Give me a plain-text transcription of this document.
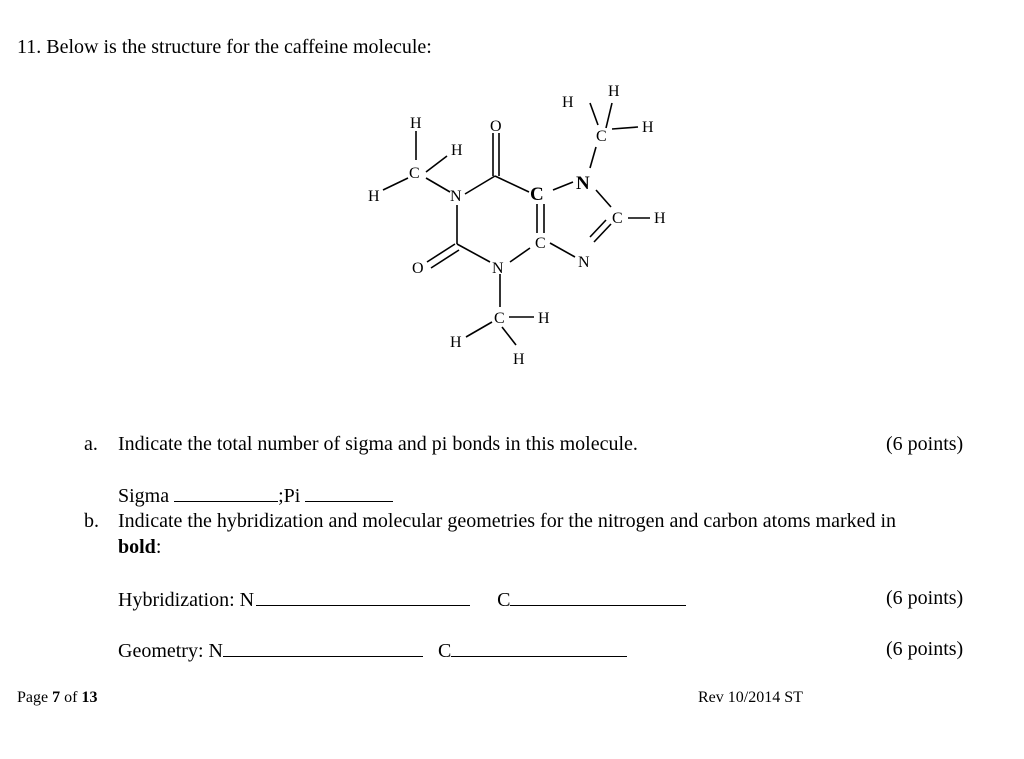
11. Below is the structure for the caffeine molecule:
H
C
H
H	N
O
C
N
C
H
H
H
C H
C
N
O	N
C H
H
H
a. Indicate the total number of sigma and pi bonds in this molecule.	(6 points)
Sigma	;Pi
b. Indicate the hybridization and molecular geometries for the nitrogen and carbon atoms marked in
bold:
Hybridization: N	C	(6 points)
Geometry: N	C	(6 points)
Page 7 of 13	Rev 10/2014 ST
